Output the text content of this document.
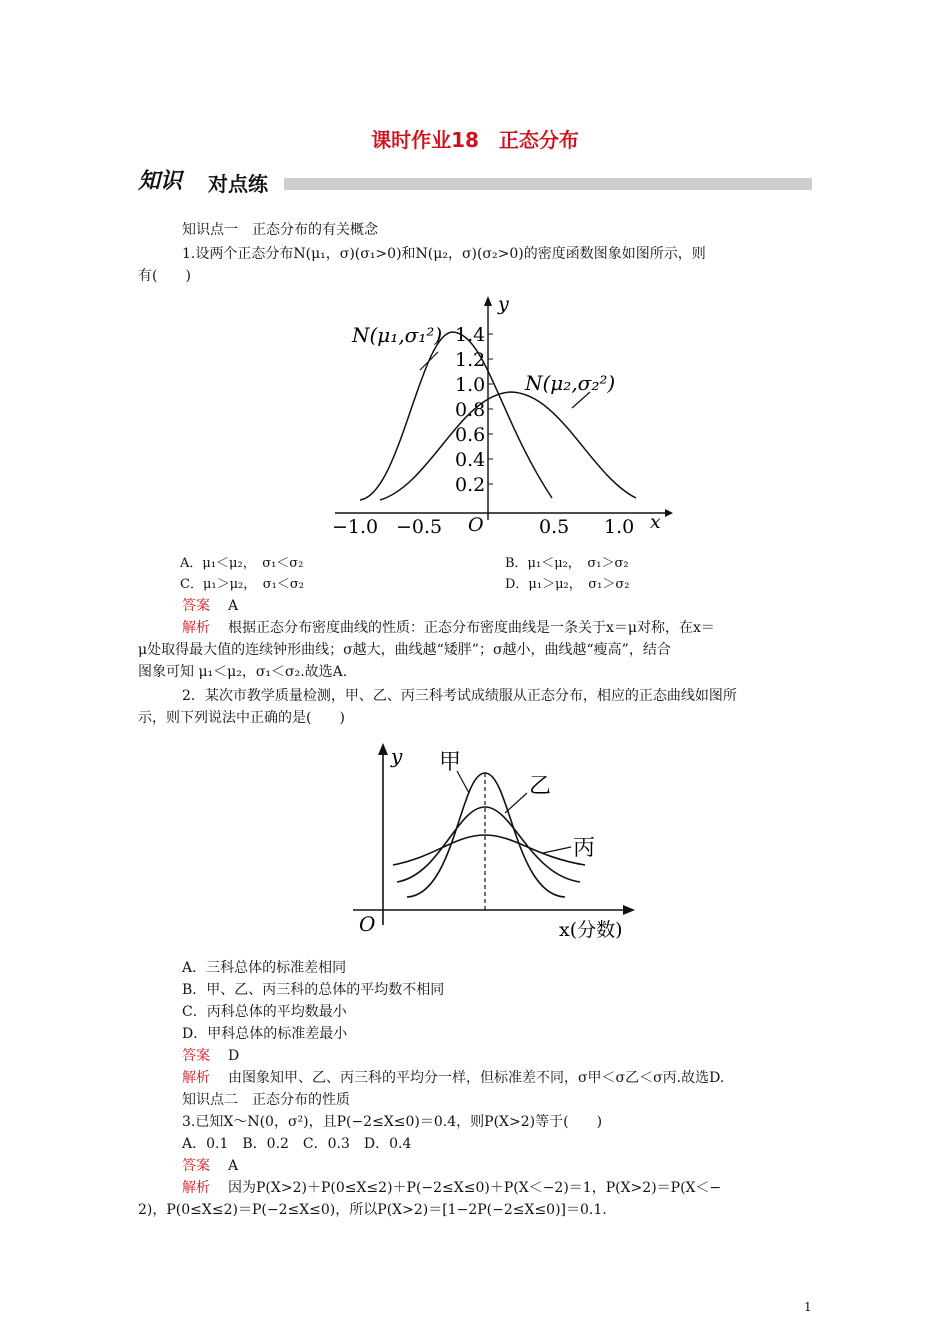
课时作业18　正态分布
知识 对点练
知识点一　正态分布的有关概念
1.设两个正态分布N(μ₁，σ)(σ₁>0)和N(μ₂，σ)(σ₂>0)的密度函数图象如图所示，则
有(　　)
N(μ₁,σ₁²)
N(μ₂,σ₂²)
1.4
1.2
1.0
0.8
0.6
0.4
0.2
−1.0 −0.5 O	0.5 1.0 x
y
A．μ₁＜μ₂，　σ₁＜σ₂	B．μ₁＜μ₂，　σ₁＞σ₂
C．μ₁＞μ₂，　σ₁＜σ₂	D．μ₁＞μ₂，　σ₁＞σ₂
答案 A
解析 根据正态分布密度曲线的性质：正态分布密度曲线是一条关于x＝μ对称，在x＝
μ处取得最大值的连续钟形曲线；σ越大，曲线越“矮胖”；σ越小，曲线越“瘦高”，结合
图象可知 μ₁＜μ₂，σ₁＜σ₂.故选A.
2．某次市教学质量检测，甲、乙、丙三科考试成绩服从正态分布，相应的正态曲线如图所
示，则下列说法中正确的是(　　)
甲
乙
丙
O	x(分数)
y
A．三科总体的标准差相同
B．甲、乙、丙三科的总体的平均数不相同
C．丙科总体的平均数最小
D．甲科总体的标准差最小
答案 D
解析 由图象知甲、乙、丙三科的平均分一样，但标准差不同，σ甲＜σ乙＜σ丙.故选D.
知识点二　正态分布的性质
3.已知X～N(0，σ²)，且P(−2≤X≤0)＝0.4，则P(X>2)等于(　　)
A．0.1　B．0.2　C．0.3　D．0.4
答案 A
解析 因为P(X>2)＋P(0≤X≤2)＋P(−2≤X≤0)＋P(X＜−2)＝1，P(X>2)＝P(X＜−
2)，P(0≤X≤2)＝P(−2≤X≤0)，所以P(X>2)＝[1−2P(−2≤X≤0)]＝0.1.
1
